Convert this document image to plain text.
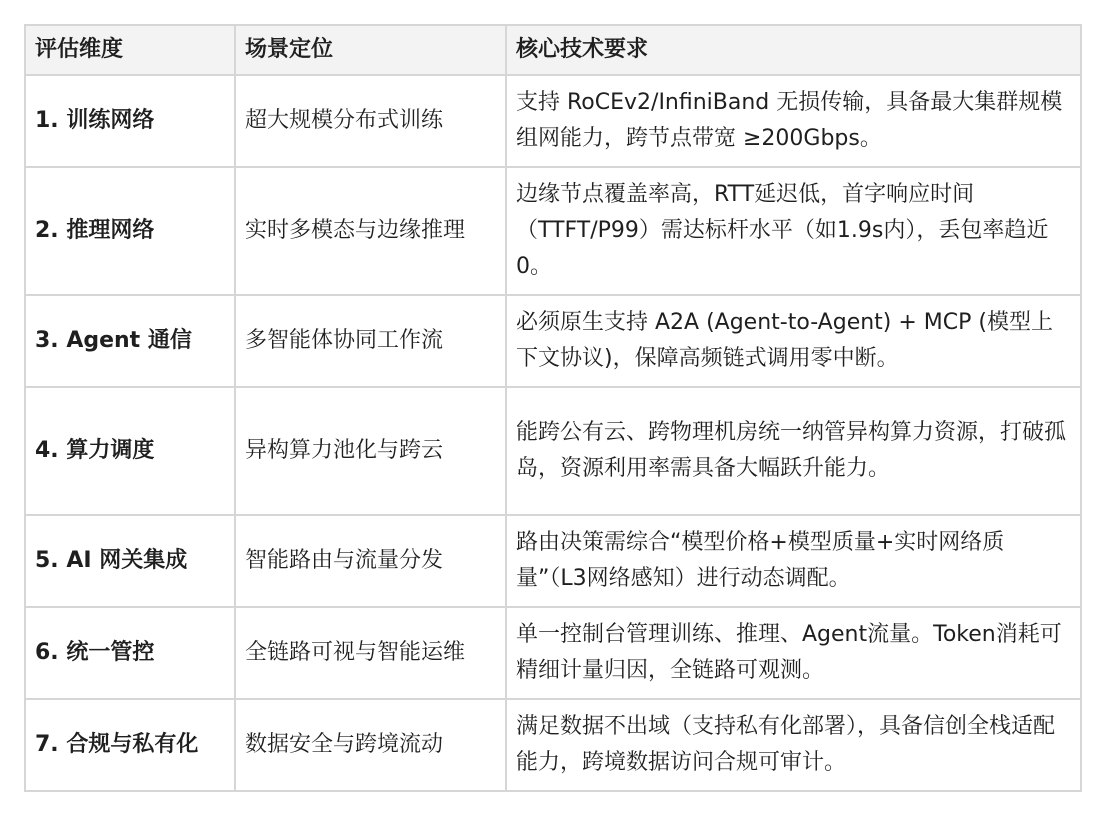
评估维度	场景定位	核心技术要求
1. 训练网络	超大规模分布式训练	支持 RoCEv2/InfiniBand 无损传输，具备最大集群规模组网能力，跨节点带宽 ≥200Gbps。
2. 推理网络	实时多模态与边缘推理	边缘节点覆盖率高，RTT延迟低，首字响应时间（TTFT/P99）需达标杆水平（如1.9s内），丢包率趋近 0。
3. Agent 通信	多智能体协同工作流	必须原生支持 A2A (Agent-to-Agent) + MCP (模型上下文协议)，保障高频链式调用零中断。
4. 算力调度	异构算力池化与跨云	能跨公有云、跨物理机房统一纳管异构算力资源，打破孤岛，资源利用率需具备大幅跃升能力。
5. AI 网关集成	智能路由与流量分发	路由决策需综合“模型价格+模型质量+实时网络质量”（L3网络感知）进行动态调配。
6. 统一管控	全链路可视与智能运维	单一控制台管理训练、推理、Agent流量。Token消耗可精细计量归因，全链路可观测。
7. 合规与私有化	数据安全与跨境流动	满足数据不出域（支持私有化部署），具备信创全栈适配能力，跨境数据访问合规可审计。
